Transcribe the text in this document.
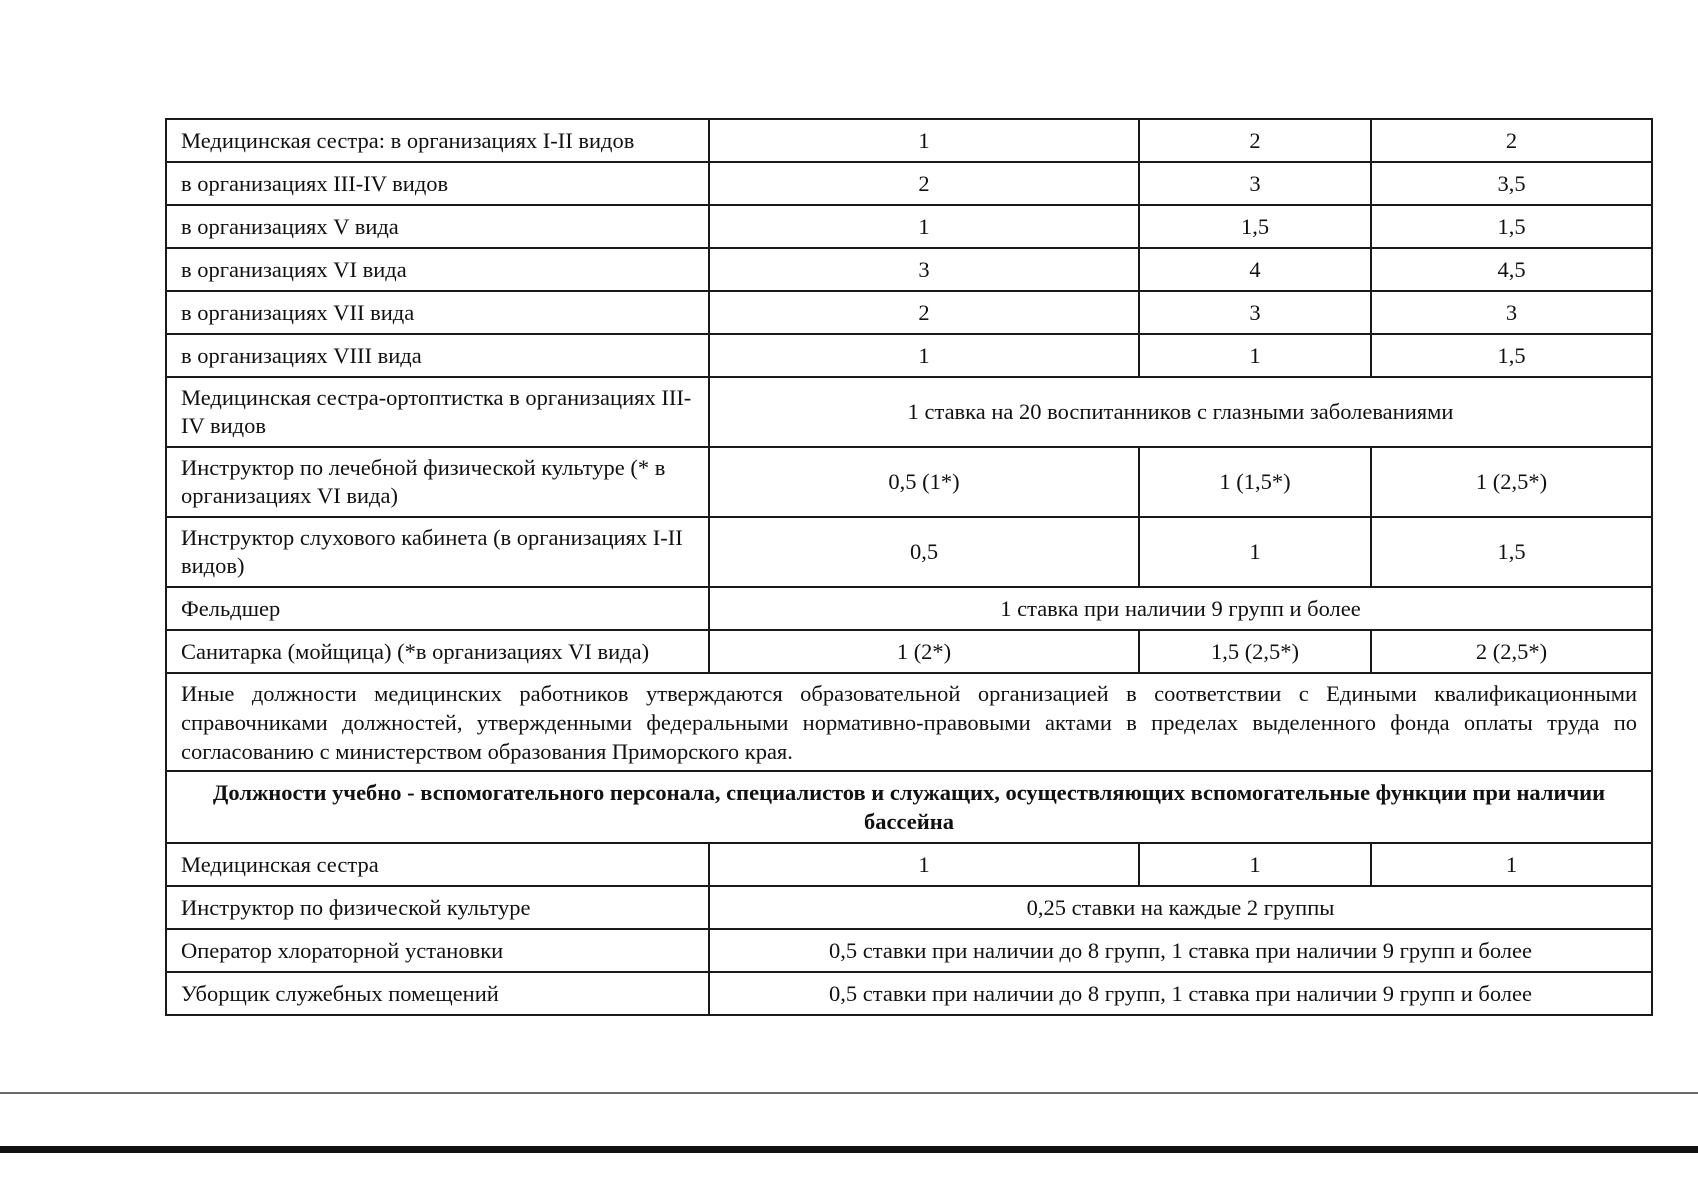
Медицинская сестра: в организациях I-II видов	1	2	2
в организациях III-IV видов	2	3	3,5
в организациях V вида	1	1,5	1,5
в организациях VI вида	3	4	4,5
в организациях VII вида	2	3	3
в организациях VIII вида	1	1	1,5
Медицинская сестра-ортоптистка в организациях III-IV видов	1 ставка на 20 воспитанников с глазными заболеваниями		
Инструктор по лечебной физической культуре (* в организациях VI вида)	0,5 (1*)	1 (1,5*)	1 (2,5*)
Инструктор слухового кабинета (в организациях I-II видов)	0,5	1	1,5
Фельдшер	1 ставка при наличии 9 групп и более		
Санитарка (мойщица) (*в организациях VI вида)	1 (2*)	1,5 (2,5*)	2 (2,5*)
Иные должности медицинских работников утверждаются образовательной организацией в соответствии с Едиными квалификационными справочниками должностей, утвержденными федеральными нормативно-правовыми актами в пределах выделенного фонда оплаты труда по согласованию с министерством образования Приморского края.			
Должности учебно - вспомогательного персонала, специалистов и служащих, осуществляющих вспомогательные функции при наличии бассейна			
Медицинская сестра	1	1	1
Инструктор по физической культуре	0,25 ставки на каждые 2 группы		
Оператор хлораторной установки	0,5 ставки при наличии до 8 групп, 1 ставка при наличии 9 групп и более		
Уборщик служебных помещений	0,5 ставки при наличии до 8 групп, 1 ставка при наличии 9 групп и более		
